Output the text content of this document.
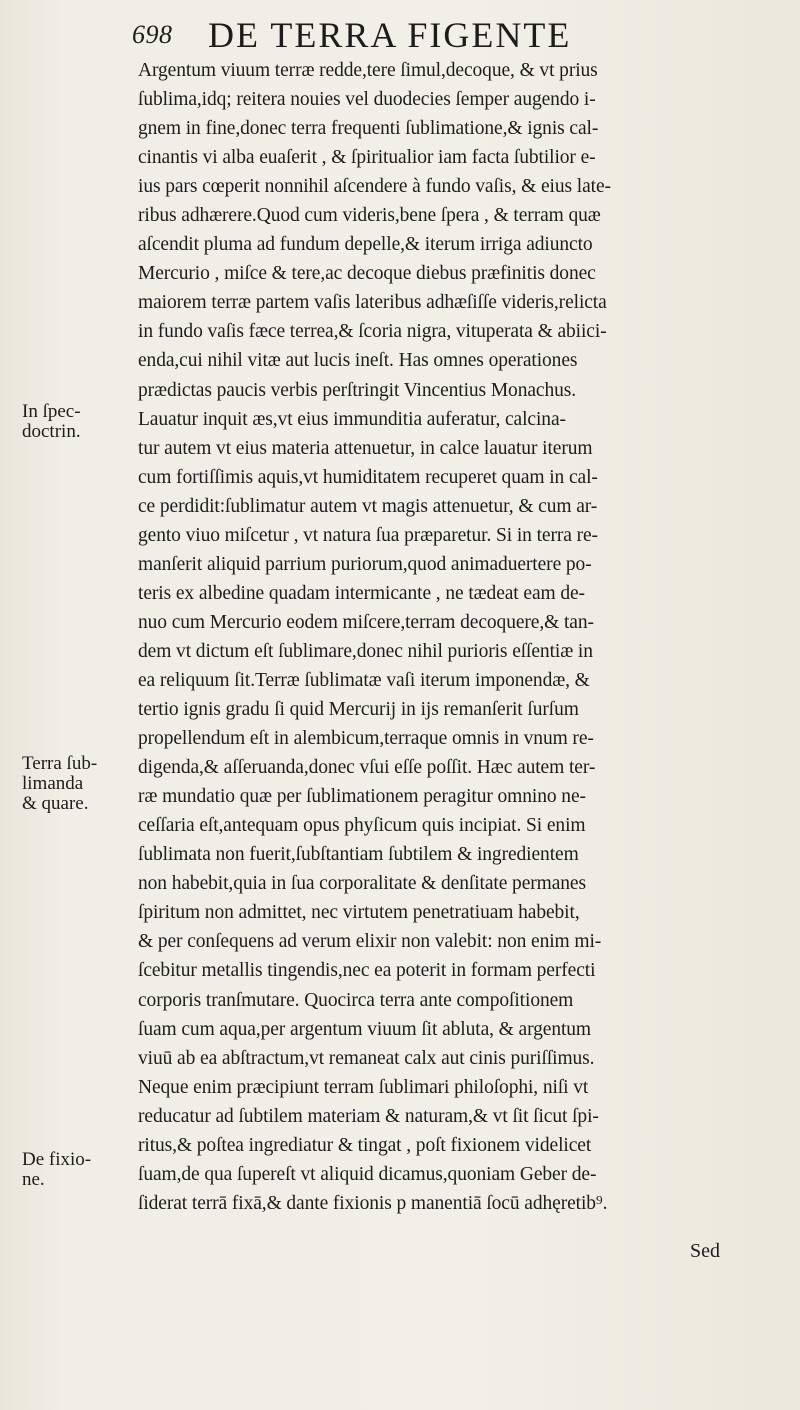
698 DE TERRA FIGENTE
Argentum viuum terræ redde,tere ſimul,decoque, & vt prius
ſublima,idq; reitera nouies vel duodecies ſemper augendo i-
gnem in fine,donec terra frequenti ſublimatione,& ignis cal-
cinantis vi alba euaſerit , & ſpiritualior iam facta ſubtilior e-
ius pars cœperit nonnihil aſcendere à fundo vaſis, & eius late-
ribus adhærere.Quod cum videris,bene ſpera , & terram quæ
aſcendit pluma ad fundum depelle,& iterum irriga adiuncto
Mercurio , miſce & tere,ac decoque diebus præfinitis donec
maiorem terræ partem vaſis lateribus adhæſiſſe videris,relicta
in fundo vaſis fæce terrea,& ſcoria nigra, vituperata & abiici-
enda,cui nihil vitæ aut lucis ineſt. Has omnes operationes
prædictas paucis verbis perſtringit Vincentius Monachus.
Lauatur inquit æs,vt eius immunditia auferatur, calcina-
tur autem vt eius materia attenuetur, in calce lauatur iterum
cum fortiſſimis aquis,vt humiditatem recuperet quam in cal-
ce perdidit:ſublimatur autem vt magis attenuetur, & cum ar-
gento viuo miſcetur , vt natura ſua præparetur. Si in terra re-
manſerit aliquid parrium puriorum,quod animaduertere po-
teris ex albedine quadam intermicante , ne tædeat eam de-
nuo cum Mercurio eodem miſcere,terram decoquere,& tan-
dem vt dictum eſt ſublimare,donec nihil purioris eſſentiæ in
ea reliquum ſit.Terræ ſublimatæ vaſi iterum imponendæ, &
tertio ignis gradu ſi quid Mercurij in ijs remanſerit ſurſum
propellendum eſt in alembicum,terraque omnis in vnum re-
digenda,& aſſeruanda,donec vſui eſſe poſſit. Hæc autem ter-
ræ mundatio quæ per ſublimationem peragitur omnino ne-
ceſſaria eſt,antequam opus phyſicum quis incipiat. Si enim
ſublimata non fuerit,ſubſtantiam ſubtilem & ingredientem
non habebit,quia in ſua corporalitate & denſitate permanes
ſpiritum non admittet, nec virtutem penetratiuam habebit,
& per conſequens ad verum elixir non valebit: non enim mi-
ſcebitur metallis tingendis,nec ea poterit in formam perfecti
corporis tranſmutare. Quocirca terra ante compoſitionem
ſuam cum aqua,per argentum viuum ſit abluta, & argentum
viuū ab ea abſtractum,vt remaneat calx aut cinis puriſſimus.
Neque enim præcipiunt terram ſublimari philoſophi, niſi vt
reducatur ad ſubtilem materiam & naturam,& vt ſit ſicut ſpi-
ritus,& poſtea ingrediatur & tingat , poſt fixionem videlicet
ſuam,de qua ſupereſt vt aliquid dicamus,quoniam Geber de-
ſiderat terrā fixā,& dante fixionis p manentiā ſocū adhęretib⁹.
Sed
In ſpec-
doctrin.
Terra ſub-
limanda
& quare.
De fixio-
ne.
